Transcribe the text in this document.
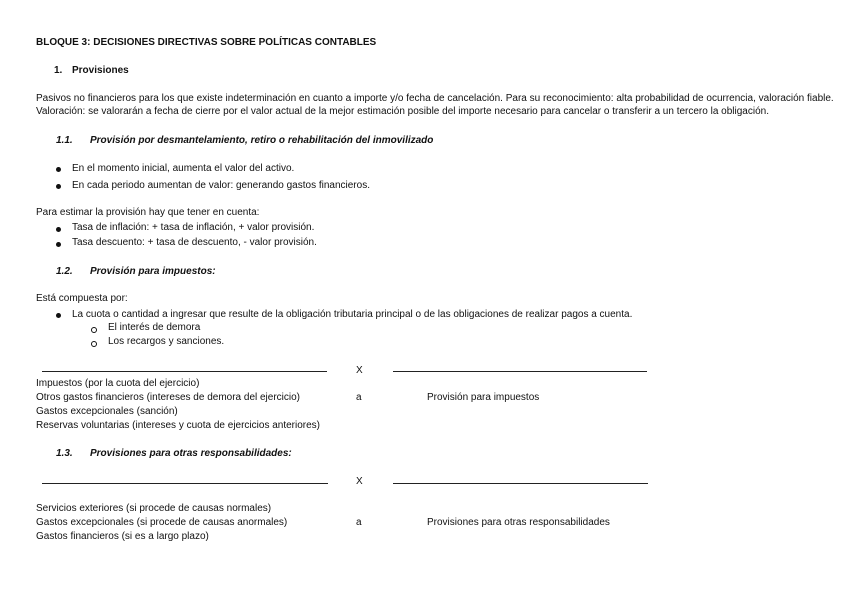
BLOQUE 3: DECISIONES DIRECTIVAS SOBRE POLÍTICAS CONTABLES
1. Provisiones
Pasivos no financieros para los que existe indeterminación en cuanto a importe y/o fecha de cancelación. Para su reconocimiento: alta probabilidad de ocurrencia, valoración fiable.
Valoración: se valorarán a fecha de cierre por el valor actual de la mejor estimación posible del importe necesario para cancelar o transferir a un tercero la obligación.
1.1. Provisión por desmantelamiento, retiro o rehabilitación del inmovilizado
En el momento inicial, aumenta el valor del activo.
En cada periodo aumentan de valor: generando gastos financieros.
Para estimar la provisión hay que tener en cuenta:
Tasa de inflación: + tasa de inflación, + valor provisión.
Tasa descuento: + tasa de descuento, - valor provisión.
1.2. Provisión para impuestos:
Está compuesta por:
La cuota o cantidad a ingresar que resulte de la obligación tributaria principal o de las obligaciones de realizar pagos a cuenta.
El interés de demora
Los recargos y sanciones.
X
Impuestos (por la cuota del ejercicio)
Otros gastos financieros (intereses de demora del ejercicio)	a	Provisión para impuestos
Gastos excepcionales (sanción)
Reservas voluntarias (intereses y cuota de ejercicios anteriores)
1.3. Provisiones para otras responsabilidades:
X
Servicios exteriores (si procede de causas normales)
Gastos excepcionales (si procede de causas anormales)	a	Provisiones para otras responsabilidades
Gastos financieros (si es a largo plazo)
